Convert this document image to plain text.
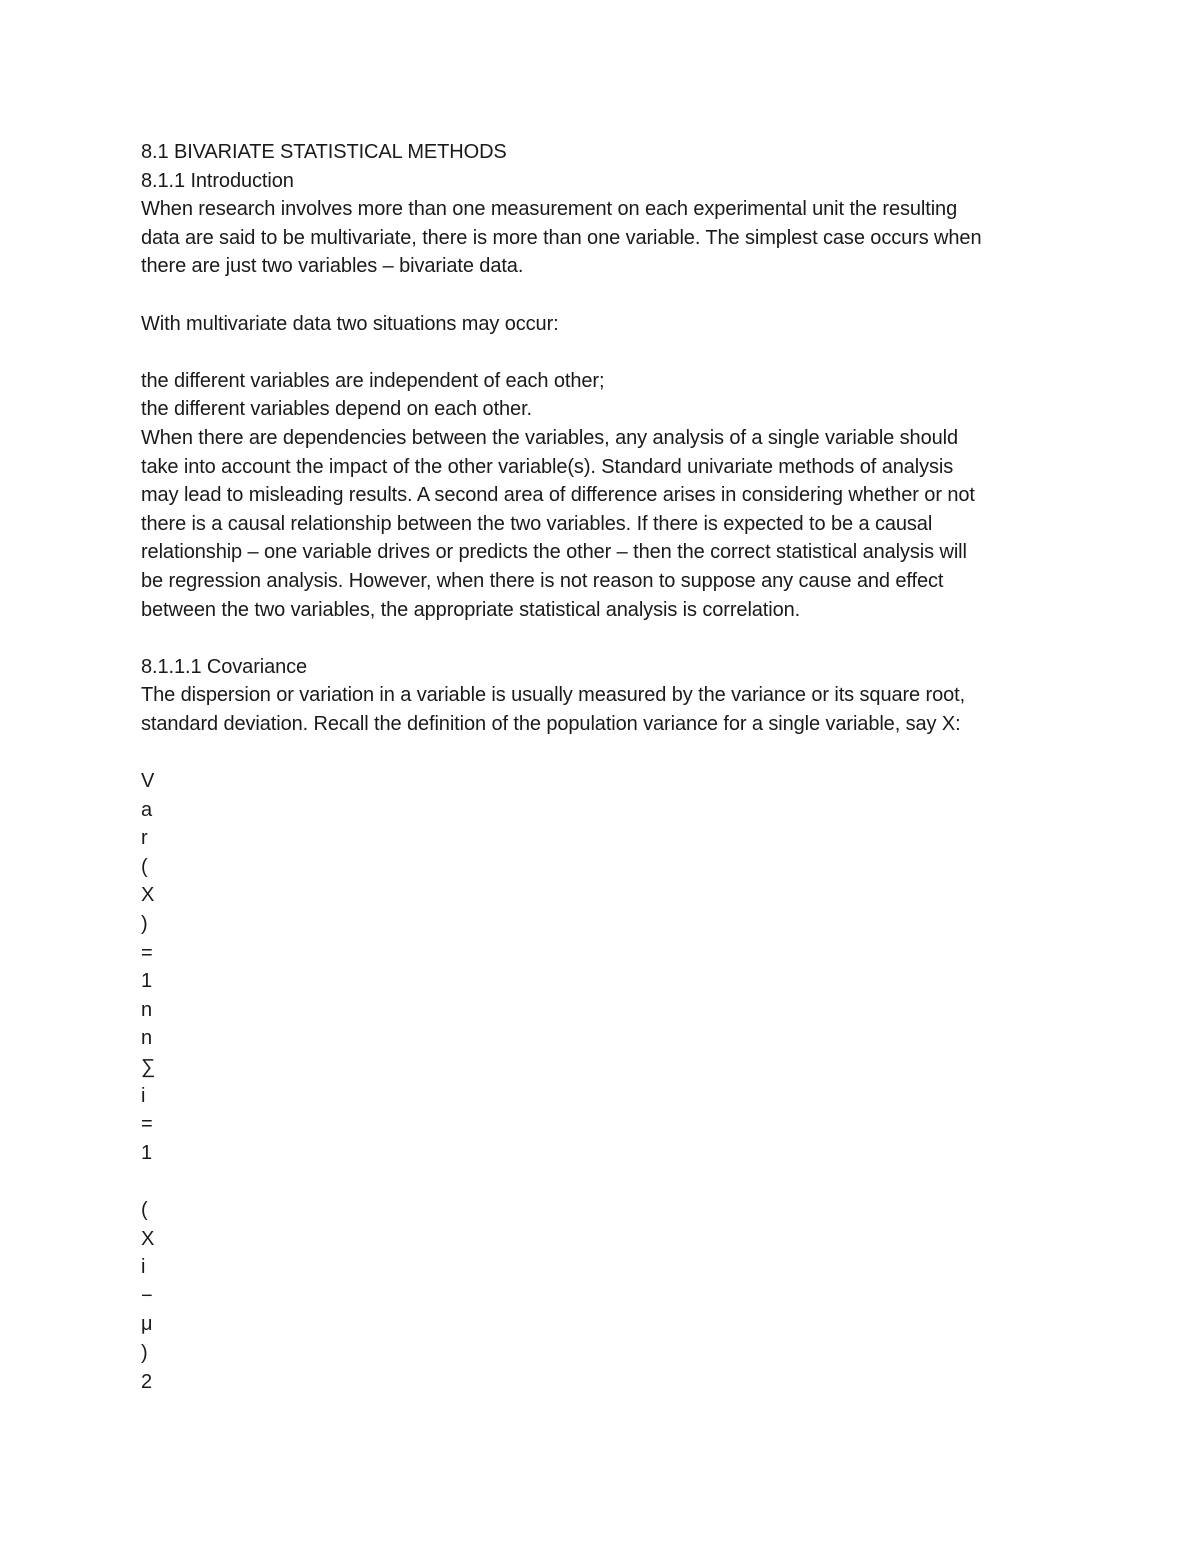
8.1 BIVARIATE STATISTICAL METHODS
8.1.1 Introduction
When research involves more than one measurement on each experimental unit the resulting
data are said to be multivariate, there is more than one variable. The simplest case occurs when
there are just two variables – bivariate data.
With multivariate data two situations may occur:
the different variables are independent of each other;
the different variables depend on each other.
When there are dependencies between the variables, any analysis of a single variable should
take into account the impact of the other variable(s). Standard univariate methods of analysis
may lead to misleading results. A second area of difference arises in considering whether or not
there is a causal relationship between the two variables. If there is expected to be a causal
relationship – one variable drives or predicts the other – then the correct statistical analysis will
be regression analysis. However, when there is not reason to suppose any cause and effect
between the two variables, the appropriate statistical analysis is correlation.
8.1.1.1 Covariance
The dispersion or variation in a variable is usually measured by the variance or its square root,
standard deviation. Recall the definition of the population variance for a single variable, say X:
V
a
r
(
X
)
=
1
n
n
∑
i
=
1
(
X
i
−
μ
)
2
